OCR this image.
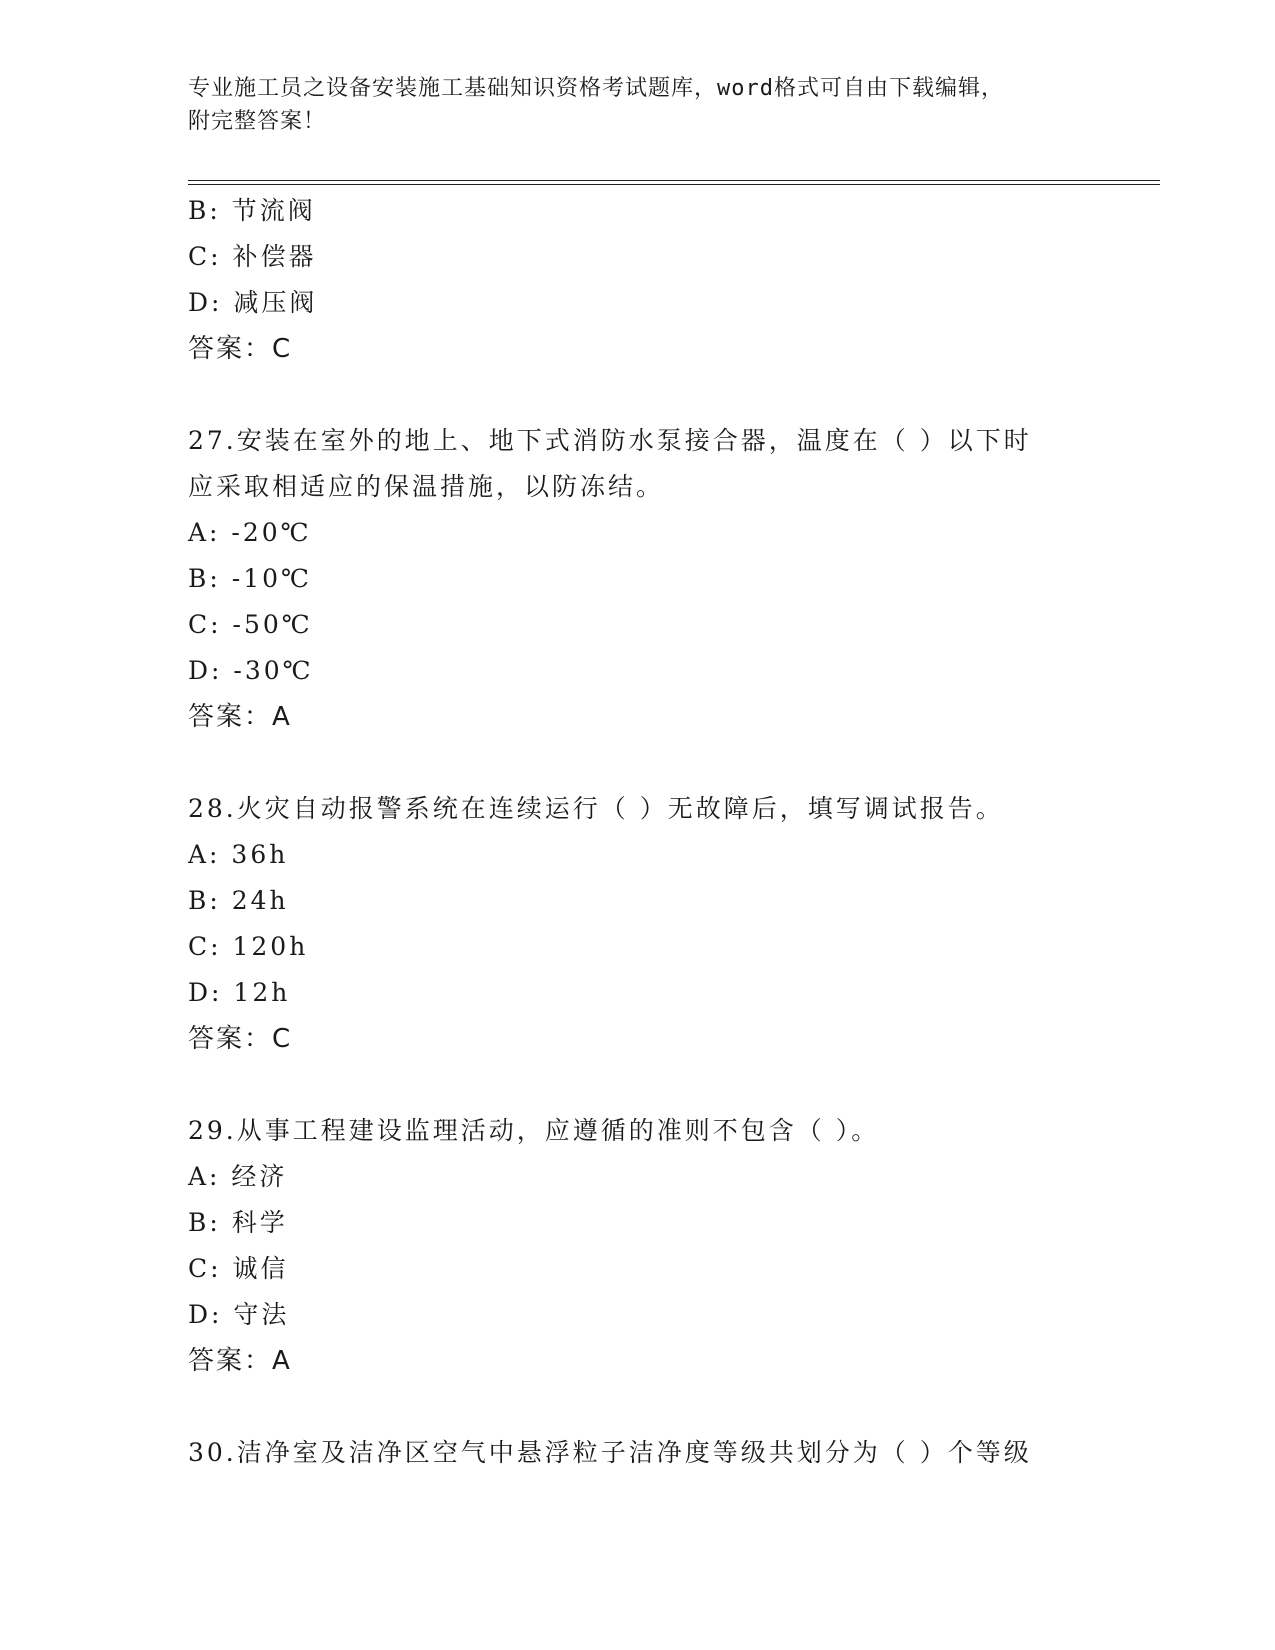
专业施工员之设备安装施工基础知识资格考试题库，word格式可自由下载编辑，
附完整答案！
B: 节流阀
C: 补偿器
D: 减压阀
答案：C
27.安装在室外的地上、地下式消防水泵接合器，温度在（ ）以下时
应采取相适应的保温措施，以防冻结。
A: -20℃
B: -10℃
C: -50℃
D: -30℃
答案：A
28.火灾自动报警系统在连续运行（ ）无故障后，填写调试报告。
A: 36h
B: 24h
C: 120h
D: 12h
答案：C
29.从事工程建设监理活动，应遵循的准则不包含（ ）。
A: 经济
B: 科学
C: 诚信
D: 守法
答案：A
30.洁净室及洁净区空气中悬浮粒子洁净度等级共划分为（ ）个等级
